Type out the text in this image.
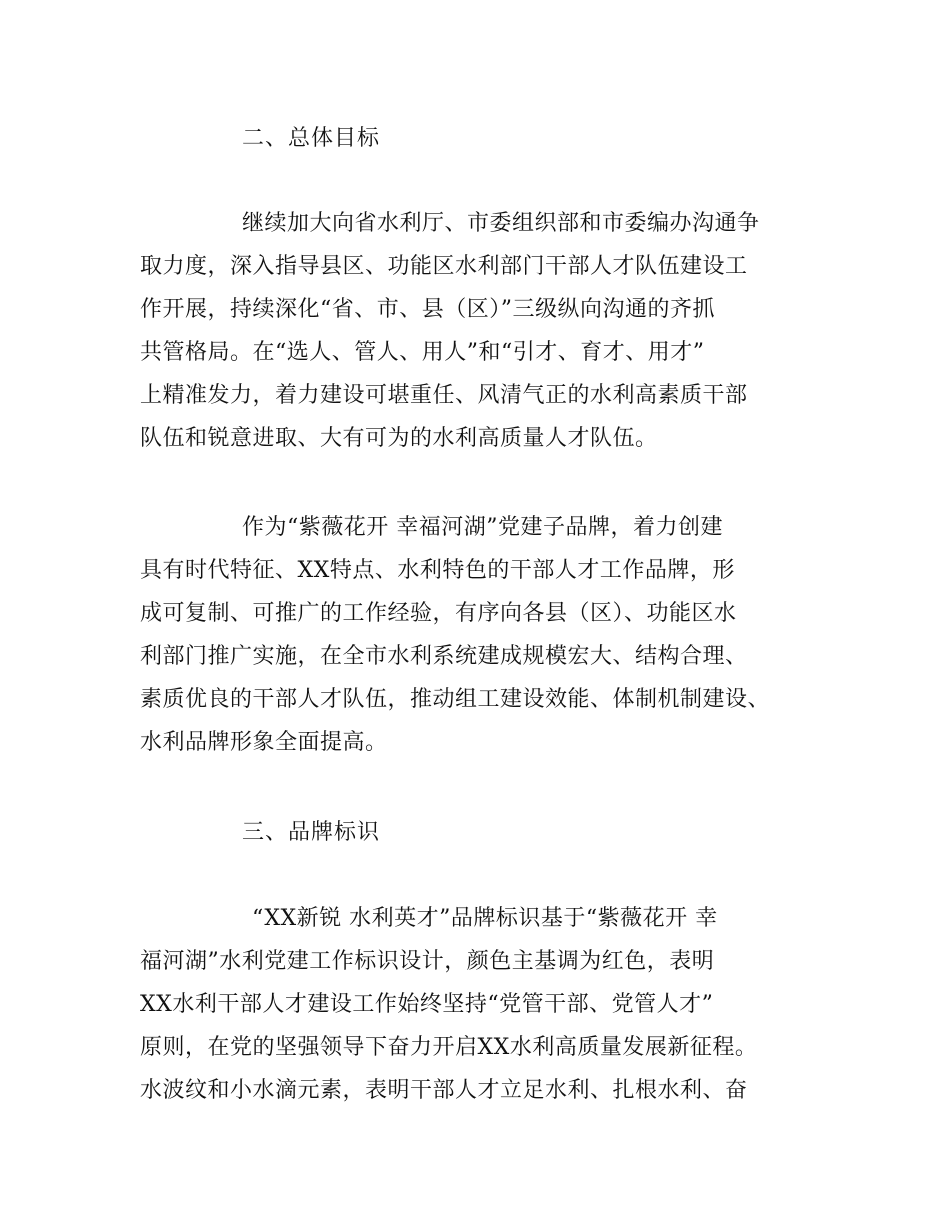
二、总体目标
继续加大向省水利厅、市委组织部和市委编办沟通争
取力度，深入指导县区、功能区水利部门干部人才队伍建设工
作开展，持续深化“省、市、县（区）”三级纵向沟通的齐抓
共管格局。在“选人、管人、用人”和“引才、育才、用才”
上精准发力，着力建设可堪重任、风清气正的水利高素质干部
队伍和锐意进取、大有可为的水利高质量人才队伍。
作为“紫薇花开 幸福河湖”党建子品牌，着力创建
具有时代特征、XX特点、水利特色的干部人才工作品牌，形
成可复制、可推广的工作经验，有序向各县（区）、功能区水
利部门推广实施，在全市水利系统建成规模宏大、结构合理、
素质优良的干部人才队伍，推动组工建设效能、体制机制建设、
水利品牌形象全面提高。
三、品牌标识
“XX新锐 水利英才”品牌标识基于“紫薇花开 幸
福河湖”水利党建工作标识设计，颜色主基调为红色，表明
XX水利干部人才建设工作始终坚持“党管干部、党管人才”
原则，在党的坚强领导下奋力开启XX水利高质量发展新征程。
水波纹和小水滴元素，表明干部人才立足水利、扎根水利、奋
